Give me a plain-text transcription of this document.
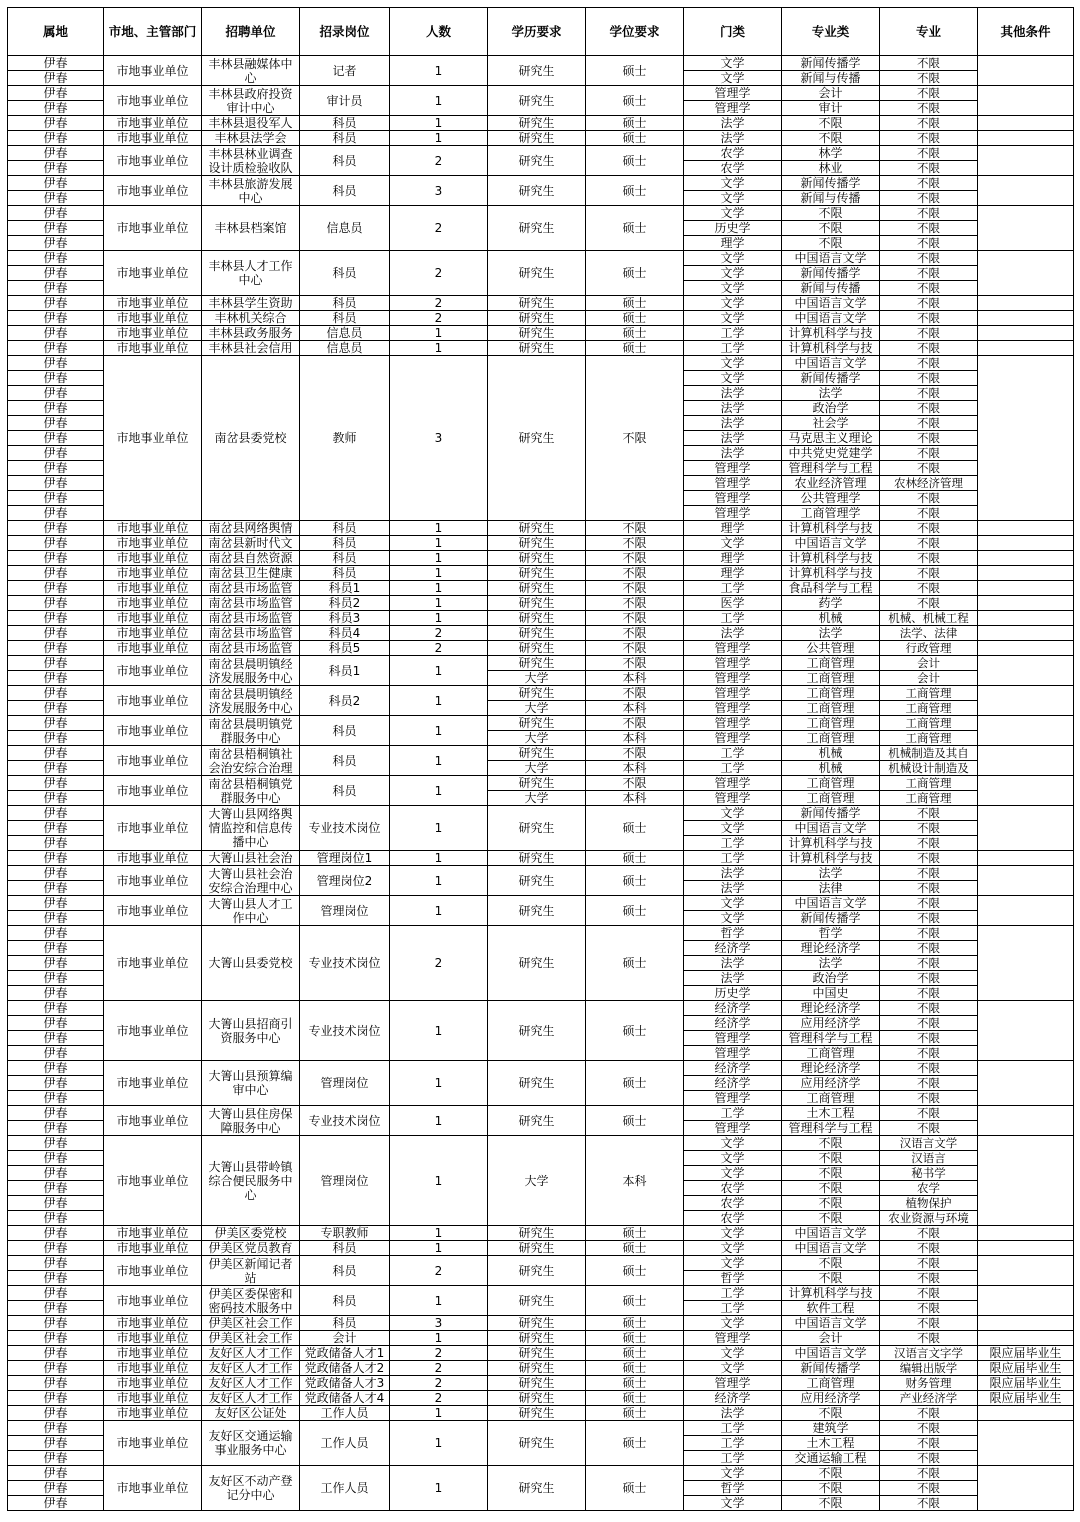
属地	市地、主管部门	招聘单位	招录岗位	人数	学历要求	学位要求	门类	专业类	专业	其他条件
伊春	市地事业单位	丰林县融媒体中心	记者	1	研究生	硕士	文学	新闻传播学	不限	
伊春							文学	新闻与传播	不限	
伊春	市地事业单位	丰林县政府投资审计中心	审计员	1	研究生	硕士	管理学	会计	不限	
伊春							管理学	审计	不限	
伊春	市地事业单位	丰林县退役军人	科员	1	研究生	硕士	法学	不限	不限	
伊春	市地事业单位	丰林县法学会	科员	1	研究生	硕士	法学	不限	不限	
伊春	市地事业单位	丰林县林业调查设计质检验收队	科员	2	研究生	硕士	农学	林学	不限	
伊春							农学	林业	不限	
伊春	市地事业单位	丰林县旅游发展中心	科员	3	研究生	硕士	文学	新闻传播学	不限	
伊春							文学	新闻与传播	不限	
伊春	市地事业单位	丰林县档案馆	信息员	2	研究生	硕士	文学	不限	不限	
伊春							历史学	不限	不限	
伊春							理学	不限	不限	
伊春	市地事业单位	丰林县人才工作中心	科员	2	研究生	硕士	文学	中国语言文学	不限	
伊春							文学	新闻传播学	不限	
伊春							文学	新闻与传播	不限	
伊春	市地事业单位	丰林县学生资助	科员	2	研究生	硕士	文学	中国语言文学	不限	
伊春	市地事业单位	丰林机关综合	科员	2	研究生	硕士	文学	中国语言文学	不限	
伊春	市地事业单位	丰林县政务服务	信息员	1	研究生	硕士	工学	计算机科学与技	不限	
伊春	市地事业单位	丰林县社会信用	信息员	1	研究生	硕士	工学	计算机科学与技	不限	
伊春	市地事业单位	南岔县委党校	教师	3	研究生	不限	文学	中国语言文学	不限	
伊春							文学	新闻传播学	不限	
伊春							法学	法学	不限	
伊春							法学	政治学	不限	
伊春							法学	社会学	不限	
伊春							法学	马克思主义理论	不限	
伊春							法学	中共党史党建学	不限	
伊春							管理学	管理科学与工程	不限	
伊春							管理学	农业经济管理	农林经济管理	
伊春							管理学	公共管理学	不限	
伊春							管理学	工商管理学	不限	
伊春	市地事业单位	南岔县网络舆情	科员	1	研究生	不限	理学	计算机科学与技	不限	
伊春	市地事业单位	南岔县新时代文	科员	1	研究生	不限	文学	中国语言文学	不限	
伊春	市地事业单位	南岔县自然资源	科员	1	研究生	不限	理学	计算机科学与技	不限	
伊春	市地事业单位	南岔县卫生健康	科员	1	研究生	不限	理学	计算机科学与技	不限	
伊春	市地事业单位	南岔县市场监管	科员1	1	研究生	不限	工学	食品科学与工程	不限	
伊春	市地事业单位	南岔县市场监管	科员2	1	研究生	不限	医学	药学	不限	
伊春	市地事业单位	南岔县市场监管	科员3	1	研究生	不限	工学	机械	机械、机械工程	
伊春	市地事业单位	南岔县市场监管	科员4	2	研究生	不限	法学	法学	法学、法律	
伊春	市地事业单位	南岔县市场监管	科员5	2	研究生	不限	管理学	公共管理	行政管理	
伊春	市地事业单位	南岔县晨明镇经济发展服务中心	科员1	1	研究生	不限	管理学	工商管理	会计	
伊春					大学	本科	管理学	工商管理	会计	
伊春	市地事业单位	南岔县晨明镇经济发展服务中心	科员2	1	研究生	不限	管理学	工商管理	工商管理	
伊春					大学	本科	管理学	工商管理	工商管理	
伊春	市地事业单位	南岔县晨明镇党群服务中心	科员	1	研究生	不限	管理学	工商管理	工商管理	
伊春					大学	本科	管理学	工商管理	工商管理	
伊春	市地事业单位	南岔县梧桐镇社会治安综合治理	科员	1	研究生	不限	工学	机械	机械制造及其自	
伊春					大学	本科	工学	机械	机械设计制造及	
伊春	市地事业单位	南岔县梧桐镇党群服务中心	科员	1	研究生	不限	管理学	工商管理	工商管理	
伊春					大学	本科	管理学	工商管理	工商管理	
伊春	市地事业单位	大箐山县网络舆情监控和信息传播中心	专业技术岗位	1	研究生	硕士	文学	新闻传播学	不限	
伊春							文学	中国语言文学	不限	
伊春							工学	计算机科学与技	不限	
伊春	市地事业单位	大箐山县社会治	管理岗位1	1	研究生	硕士	工学	计算机科学与技	不限	
伊春	市地事业单位	大箐山县社会治安综合治理中心	管理岗位2	1	研究生	硕士	法学	法学	不限	
伊春							法学	法律	不限	
伊春	市地事业单位	大箐山县人才工作中心	管理岗位	1	研究生	硕士	文学	中国语言文学	不限	
伊春							文学	新闻传播学	不限	
伊春	市地事业单位	大箐山县委党校	专业技术岗位	2	研究生	硕士	哲学	哲学	不限	
伊春							经济学	理论经济学	不限	
伊春							法学	法学	不限	
伊春							法学	政治学	不限	
伊春							历史学	中国史	不限	
伊春	市地事业单位	大箐山县招商引资服务中心	专业技术岗位	1	研究生	硕士	经济学	理论经济学	不限	
伊春							经济学	应用经济学	不限	
伊春							管理学	管理科学与工程	不限	
伊春							管理学	工商管理	不限	
伊春	市地事业单位	大箐山县预算编审中心	管理岗位	1	研究生	硕士	经济学	理论经济学	不限	
伊春							经济学	应用经济学	不限	
伊春							管理学	工商管理	不限	
伊春	市地事业单位	大箐山县住房保障服务中心	专业技术岗位	1	研究生	硕士	工学	土木工程	不限	
伊春							管理学	管理科学与工程	不限	
伊春	市地事业单位	大箐山县带岭镇综合便民服务中心	管理岗位	1	大学	本科	文学	不限	汉语言文学	
伊春							文学	不限	汉语言	
伊春							文学	不限	秘书学	
伊春							农学	不限	农学	
伊春							农学	不限	植物保护	
伊春							农学	不限	农业资源与环境	
伊春	市地事业单位	伊美区委党校	专职教师	1	研究生	硕士	文学	中国语言文学	不限	
伊春	市地事业单位	伊美区党员教育	科员	1	研究生	硕士	文学	中国语言文学	不限	
伊春	市地事业单位	伊美区新闻记者站	科员	2	研究生	硕士	文学	不限	不限	
伊春							哲学	不限	不限	
伊春	市地事业单位	伊美区委保密和密码技术服务中	科员	1	研究生	硕士	工学	计算机科学与技	不限	
伊春							工学	软件工程	不限	
伊春	市地事业单位	伊美区社会工作	科员	3	研究生	硕士	文学	中国语言文学	不限	
伊春	市地事业单位	伊美区社会工作	会计	1	研究生	硕士	管理学	会计	不限	
伊春	市地事业单位	友好区人才工作	党政储备人才1	2	研究生	硕士	文学	中国语言文学	汉语言文字学	限应届毕业生
伊春	市地事业单位	友好区人才工作	党政储备人才2	2	研究生	硕士	文学	新闻传播学	编辑出版学	限应届毕业生
伊春	市地事业单位	友好区人才工作	党政储备人才3	2	研究生	硕士	管理学	工商管理	财务管理	限应届毕业生
伊春	市地事业单位	友好区人才工作	党政储备人才4	2	研究生	硕士	经济学	应用经济学	产业经济学	限应届毕业生
伊春	市地事业单位	友好区公证处	工作人员	1	研究生	硕士	法学	不限	不限	
伊春	市地事业单位	友好区交通运输事业服务中心	工作人员	1	研究生	硕士	工学	建筑学	不限	
伊春							工学	土木工程	不限	
伊春							工学	交通运输工程	不限	
伊春	市地事业单位	友好区不动产登记分中心	工作人员	1	研究生	硕士	文学	不限	不限	
伊春							哲学	不限	不限	
伊春							文学	不限	不限	
